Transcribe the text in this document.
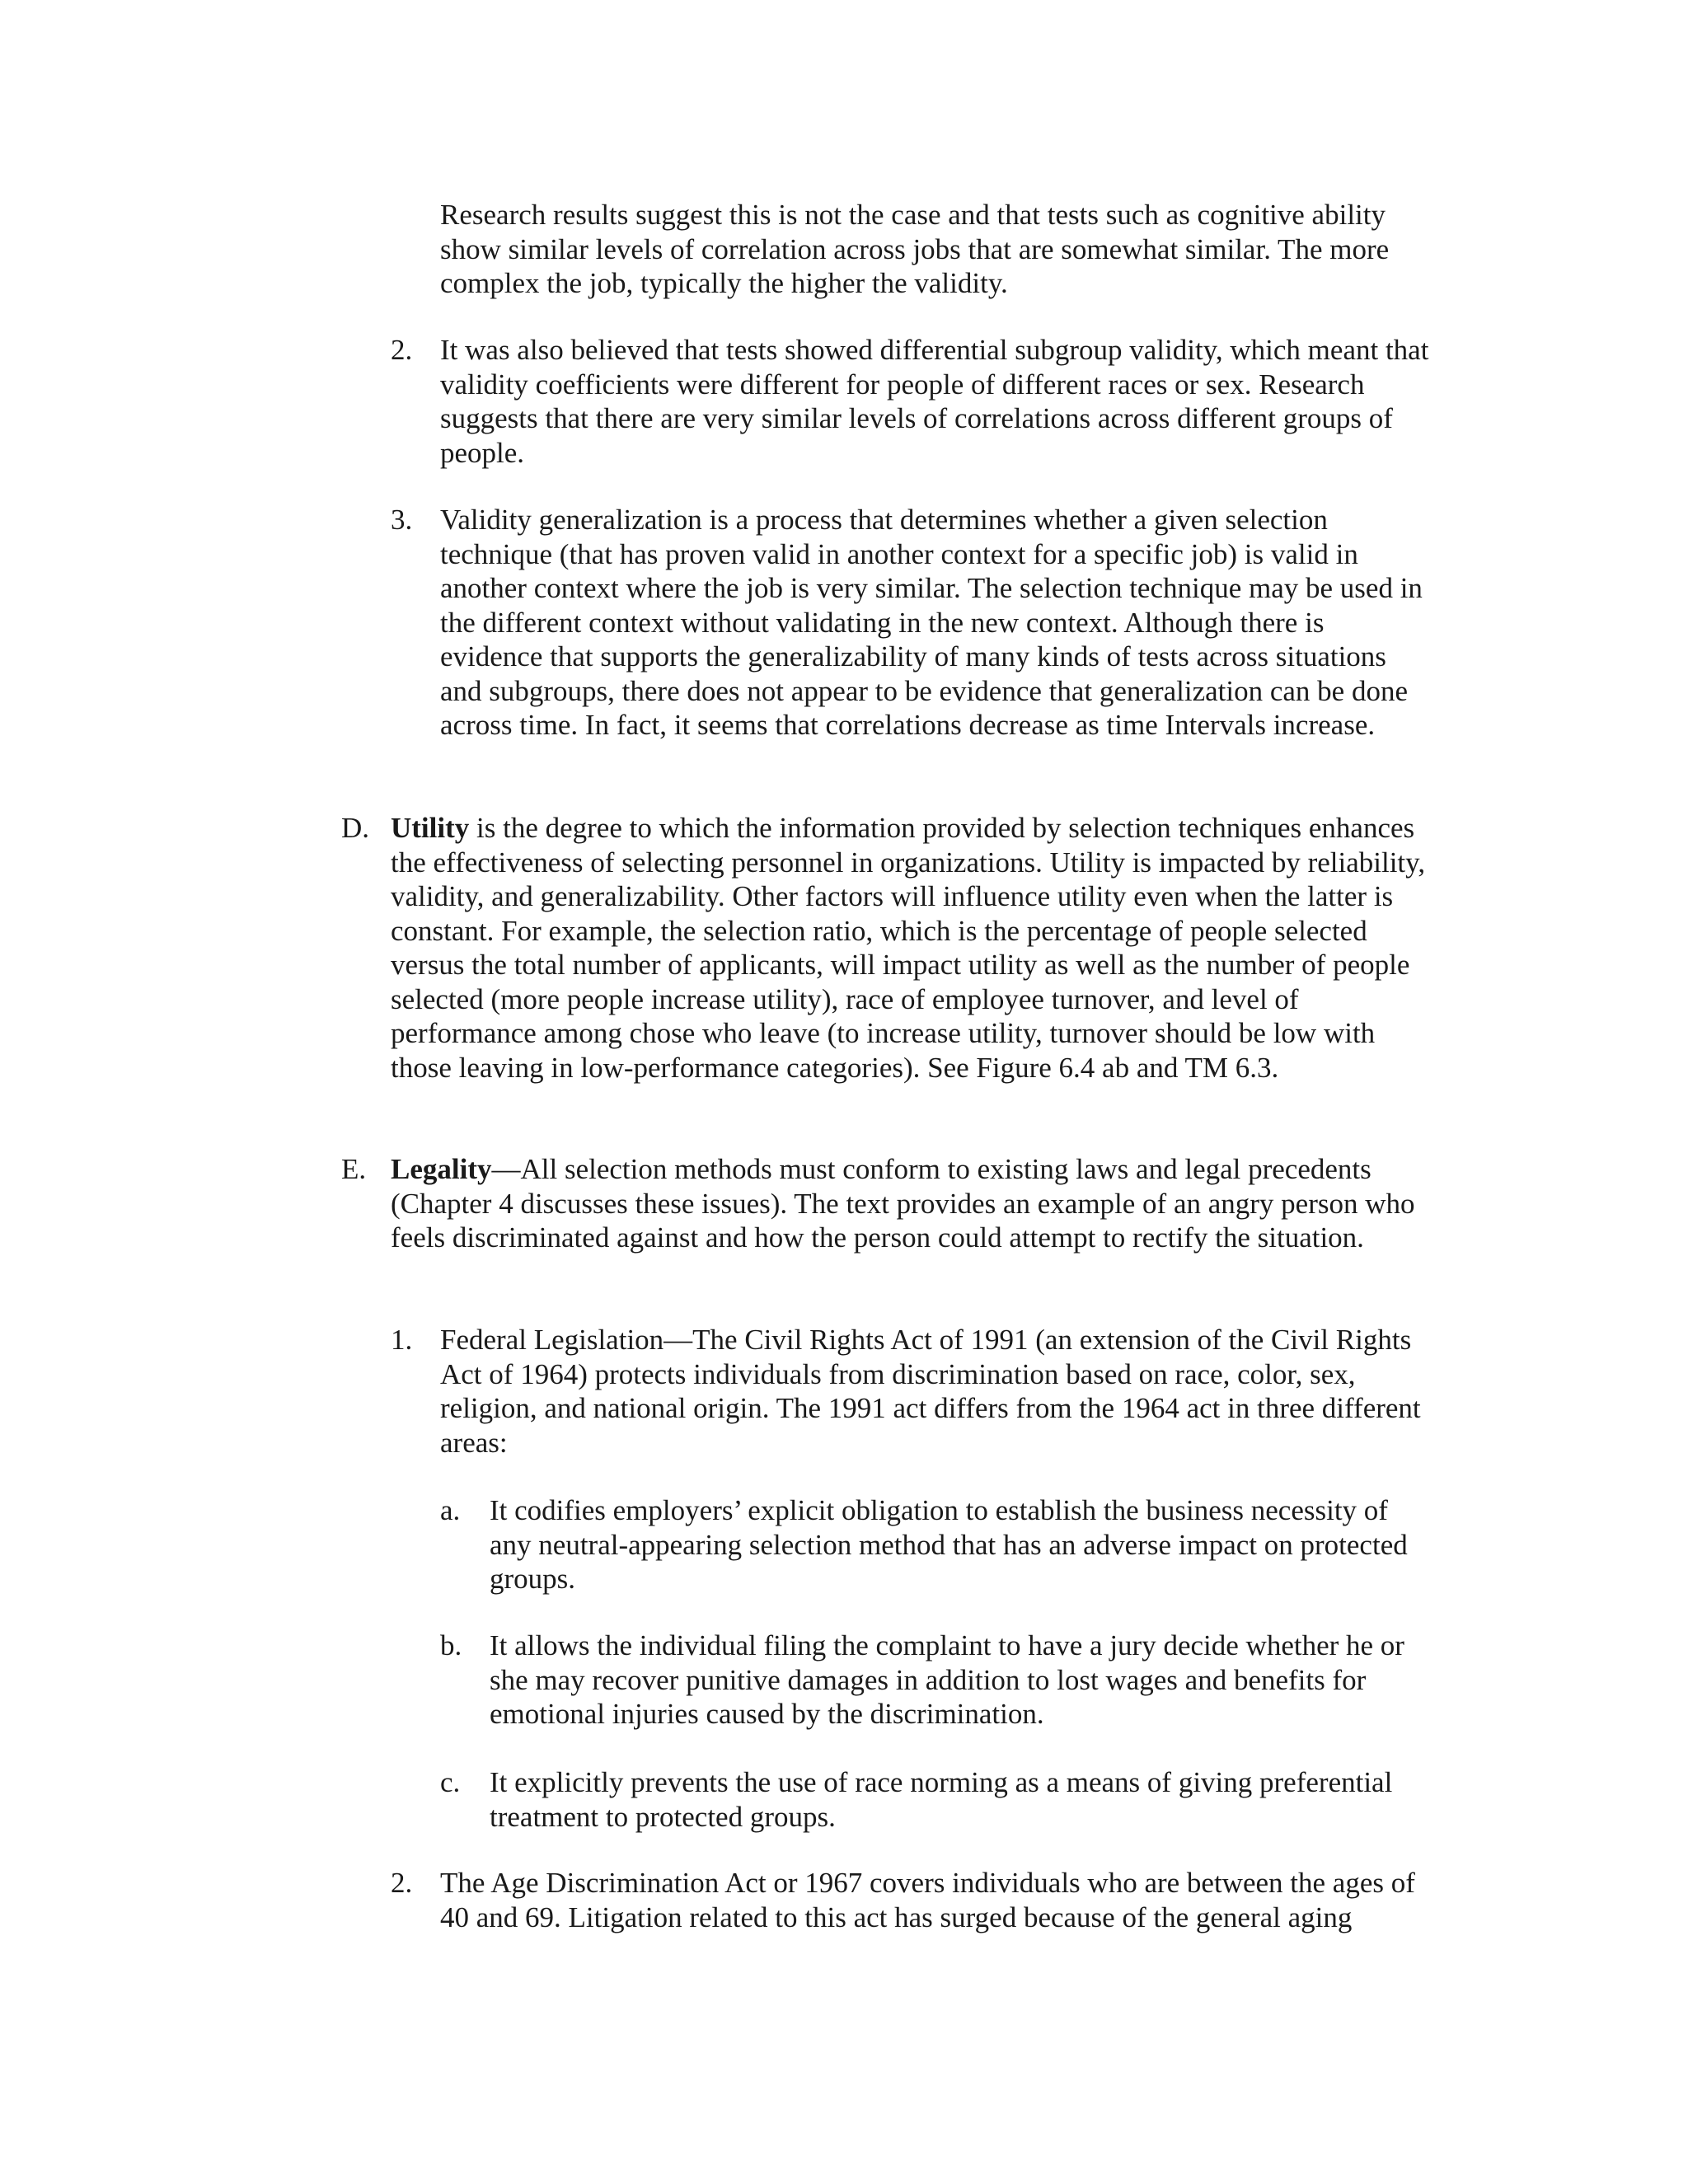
Research results suggest this is not the case and that tests such as cognitive ability show similar levels of correlation across jobs that are somewhat similar. The more complex the job, typically the higher the validity.
2. It was also believed that tests showed differential subgroup validity, which meant that validity coefficients were different for people of different races or sex. Research suggests that there are very similar levels of correlations across different groups of people.
3. Validity generalization is a process that determines whether a given selection technique (that has proven valid in another context for a specific job) is valid in another context where the job is very similar. The selection technique may be used in the different context without validating in the new context. Although there is evidence that supports the generalizability of many kinds of tests across situations and subgroups, there does not appear to be evidence that generalization can be done across time. In fact, it seems that correlations decrease as time Intervals increase.
D. Utility is the degree to which the information provided by selection techniques enhances the effectiveness of selecting personnel in organizations. Utility is impacted by reliability, validity, and generalizability. Other factors will influence utility even when the latter is constant. For example, the selection ratio, which is the percentage of people selected versus the total number of applicants, will impact utility as well as the number of people selected (more people increase utility), race of employee turnover, and level of performance among chose who leave (to increase utility, turnover should be low with those leaving in low-performance categories). See Figure 6.4 ab and TM 6.3.
E. Legality—All selection methods must conform to existing laws and legal precedents (Chapter 4 discusses these issues). The text provides an example of an angry person who feels discriminated against and how the person could attempt to rectify the situation.
1. Federal Legislation—The Civil Rights Act of 1991 (an extension of the Civil Rights Act of 1964) protects individuals from discrimination based on race, color, sex, religion, and national origin. The 1991 act differs from the 1964 act in three different areas:
a. It codifies employers’ explicit obligation to establish the business necessity of any neutral-appearing selection method that has an adverse impact on protected groups.
b. It allows the individual filing the complaint to have a jury decide whether he or she may recover punitive damages in addition to lost wages and benefits for emotional injuries caused by the discrimination.
c. It explicitly prevents the use of race norming as a means of giving preferential treatment to protected groups.
2. The Age Discrimination Act or 1967 covers individuals who are between the ages of 40 and 69. Litigation related to this act has surged because of the general aging
